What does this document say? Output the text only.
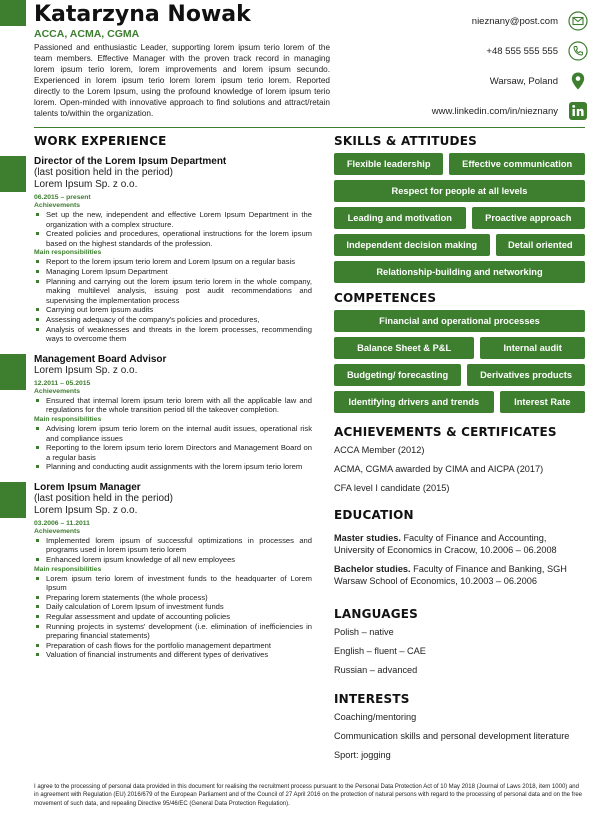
Katarzyna Nowak
ACCA, ACMA, CGMA
Passioned and enthusiastic Leader, supporting lorem ipsum terio lorem of the team members. Effective Manager with the proven track record in managing lorem ipsum terio lorem, lorem improvements and lorem ipsum secundo. Experienced in lorem ipsum terio lorem lorem ipsum terio lorem. Reported directly to the Lorem Ipsum, using the profound knowledge of lorem ipsum terio lorem. Open-minded with innovative approach to find solutions and attract/retain talents to/within the organization.
nieznany@post.com
+48 555 555 555
Warsaw, Poland
www.linkedin.com/in/nieznany
WORK EXPERIENCE
Director of the Lorem Ipsum Department
(last position held in the period)
Lorem Ipsum Sp. z o.o.
06.2015 – present
Achievements
Set up the new, independent and effective Lorem Ipsum Department in the organization with a complex structure.
Created policies and procedures, operational instructions for the lorem ipsum based on the highest standards of the profession.
Main responsibilities
Report to the lorem ipsum terio lorem and Lorem Ipsum on a regular basis
Managing Lorem Ipsum Department
Planning and carrying out the lorem ipsum terio lorem in the whole company, making multilevel analysis, issuing post audit recommendations and supervising the implementation process
Carrying out lorem ipsum audits
Assessing adequacy of the company's policies and procedures,
Analysis of weaknesses and threats in the lorem processes, recommending ways to overcome them
Management Board Advisor
Lorem Ipsum Sp. z o.o.
12.2011 – 05.2015
Achievements
Ensured that internal lorem ipsum terio lorem with all the applicable law and regulations for the whole transition period till the takeover completion.
Main responsibilities
Advising lorem ipsum terio lorem on the internal audit issues, operational risk and compliance issues
Reporting to the lorem ipsum terio lorem Directors and Management Board on a regular basis
Planning and conducting audit assignments with the lorem ipsum terio lorem
Lorem Ipsum Manager
(last position held in the period)
Lorem Ipsum Sp. z o.o.
03.2006 – 11.2011
Achievements
Implemented lorem ipsum of successful optimizations in processes and programs used in lorem ipsum terio lorem
Enhanced lorem ipsum knowledge of all new employees
Main responsibilities
Lorem ipsum terio lorem of investment funds to the headquarter of Lorem Ipsum
Preparing lorem statements (the whole process)
Daily calculation of Lorem Ipsum of investment funds
Regular assessment and update of accounting policies
Running projects in systems' development (i.e. elimination of inefficiencies in preparing financial statements)
Preparation of cash flows for the portfolio management department
Valuation of financial instruments and different types of derivatives
SKILLS & ATTITUDES
Flexible leadership	Effective communication
Respect for people at all levels
Leading and motivation	Proactive approach
Independent decision making	Detail oriented
Relationship-building and networking
COMPETENCES
Financial and operational processes
Balance Sheet & P&L	Internal audit
Budgeting/ forecasting	Derivatives products
Identifying drivers and trends	Interest Rate
ACHIEVEMENTS & CERTIFICATES
ACCA Member (2012)
ACMA, CGMA awarded by CIMA and AICPA (2017)
CFA level I candidate (2015)
EDUCATION
Master studies. Faculty of Finance and Accounting, University of Economics in Cracow, 10.2006 – 06.2008
Bachelor studies. Faculty of Finance and Banking, SGH Warsaw School of Economics, 10.2003 – 06.2006
LANGUAGES
Polish – native
English – fluent – CAE
Russian – advanced
INTERESTS
Coaching/mentoring
Communication skills and personal development literature
Sport: jogging
I agree to the processing of personal data provided in this document for realising the recruitment process pursuant to the Personal Data Protection Act of 10 May 2018 (Journal of Laws 2018, item 1000) and in agreement with Regulation (EU) 2016/679 of the European Parliament and of the Council of 27 April 2016 on the protection of natural persons with regard to the processing of personal data and on the free movement of such data, and repealing Directive 95/46/EC (General Data Protection Regulation).
